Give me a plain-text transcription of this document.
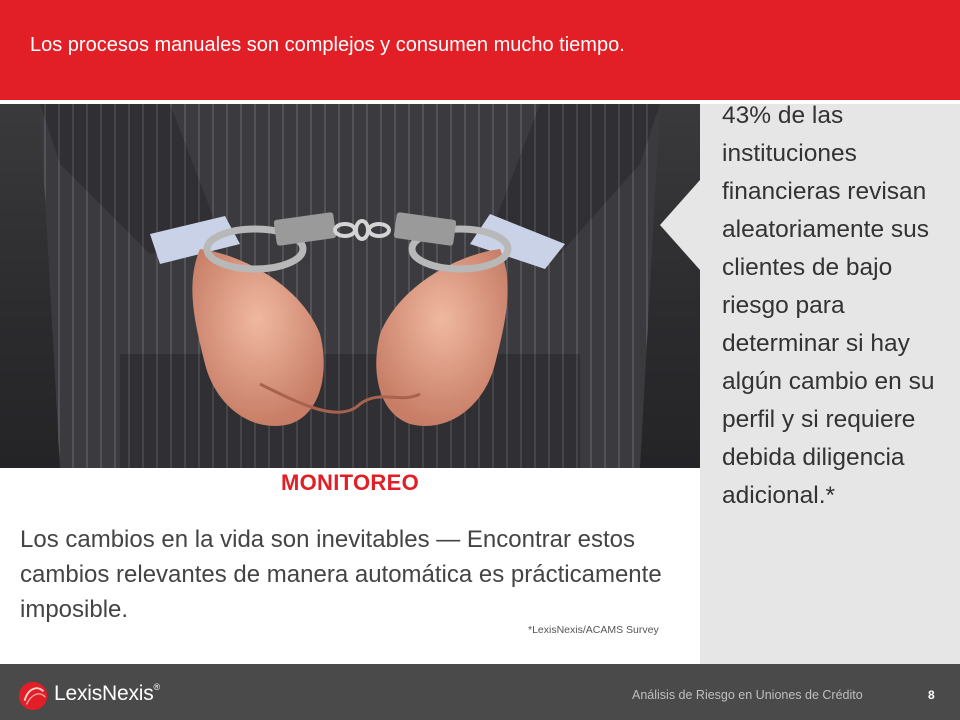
Los procesos manuales son complejos y consumen mucho tiempo.
43% de las instituciones financieras revisan aleatoriamente sus clientes de bajo riesgo para determinar si hay algún cambio en su perfil y si requiere debida diligencia adicional.*
MONITOREO
Los cambios en la vida son inevitables — Encontrar estos cambios relevantes de manera automática es prácticamente imposible.
*LexisNexis/ACAMS Survey
LexisNexis®
Análisis de Riesgo en Uniones de Crédito	8
